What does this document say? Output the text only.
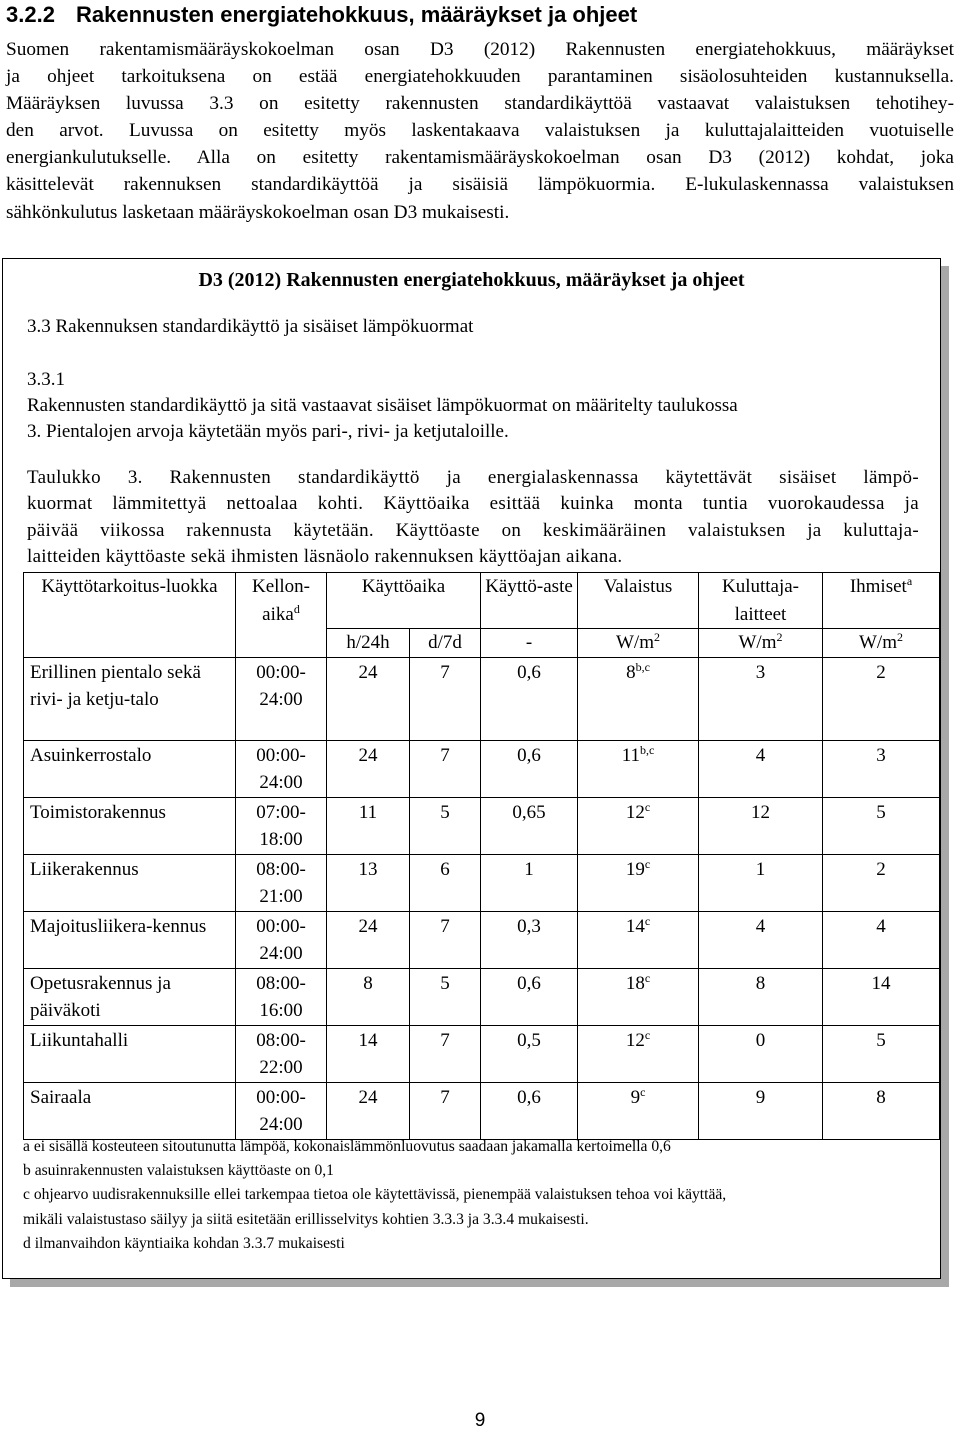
3.2.2 Rakennusten energiatehokkuus, määräykset ja ohjeet
Suomen rakentamismääräyskokoelman osan D3 (2012) Rakennusten energiatehokkuus, määräykset
ja ohjeet tarkoituksena on estää energiatehokkuuden parantaminen sisäolosuhteiden kustannuksella.
Määräyksen luvussa 3.3 on esitetty rakennusten standardikäyttöä vastaavat valaistuksen tehotihey-
den arvot. Luvussa on esitetty myös laskentakaava valaistuksen ja kuluttajalaitteiden vuotuiselle
energiankulutukselle. Alla on esitetty rakentamismääräyskokoelman osan D3 (2012) kohdat, joka
käsittelevät rakennuksen standardikäyttöä ja sisäisiä lämpökuormia. E-lukulaskennassa valaistuksen
sähkönkulutus lasketaan määräyskokoelman osan D3 mukaisesti.
D3 (2012) Rakennusten energiatehokkuus, määräykset ja ohjeet
3.3 Rakennuksen standardikäyttö ja sisäiset lämpökuormat
3.3.1
Rakennusten standardikäyttö ja sitä vastaavat sisäiset lämpökuormat on määritelty taulukossa
3. Pientalojen arvoja käytetään myös pari-, rivi- ja ketjutaloille.
Taulukko 3. Rakennusten standardikäyttö ja energialaskennassa käytettävät sisäiset lämpö-
kuormat lämmitettyä nettoalaa kohti. Käyttöaika esittää kuinka monta tuntia vuorokaudessa ja
päivää viikossa rakennusta käytetään. Käyttöaste on keskimääräinen valaistuksen ja kuluttaja-
laitteiden käyttöaste sekä ihmisten läsnäolo rakennuksen käyttöajan aikana.
Käyttötarkoitus-luokka	Kellon-aika$^d$	Käyttöaika		Käyttö-aste	Valaistus	Kuluttaja-laitteet	Ihmiset$^a$
		h/24h	d/7d	-	$W/m^2$	$W/m^2$	$W/m^2$
Erillinen pientalo sekä rivi- ja ketju-talo	00:00-24:00	24	7	0,6	8$^{b,c}$	3	2
Asuinkerrostalo	00:00-24:00	24	7	0,6	11$^{b,c}$	4	3
Toimistorakennus	07:00-18:00	11	5	0,65	12$^c$	12	5
Liikerakennus	08:00-21:00	13	6	1	19$^c$	1	2
Majoitusliikera-kennus	00:00-24:00	24	7	0,3	14$^c$	4	4
Opetusrakennus ja päiväkoti	08:00-16:00	8	5	0,6	18$^c$	8	14
Liikuntahalli	08:00-22:00	14	7	0,5	12$^c$	0	5
Sairaala	00:00-24:00	24	7	0,6	9$^c$	9	8
a ei sisällä kosteuteen sitoutunutta lämpöä, kokonaislämmönluovutus saadaan jakamalla kertoimella 0,6
b asuinrakennusten valaistuksen käyttöaste on 0,1
c ohjearvo uudisrakennuksille ellei tarkempaa tietoa ole käytettävissä, pienempää valaistuksen tehoa voi käyttää,
mikäli valaistustaso säilyy ja siitä esitetään erillisselvitys kohtien 3.3.3 ja 3.3.4 mukaisesti.
d ilmanvaihdon käyntiaika kohdan 3.3.7 mukaisesti
9
